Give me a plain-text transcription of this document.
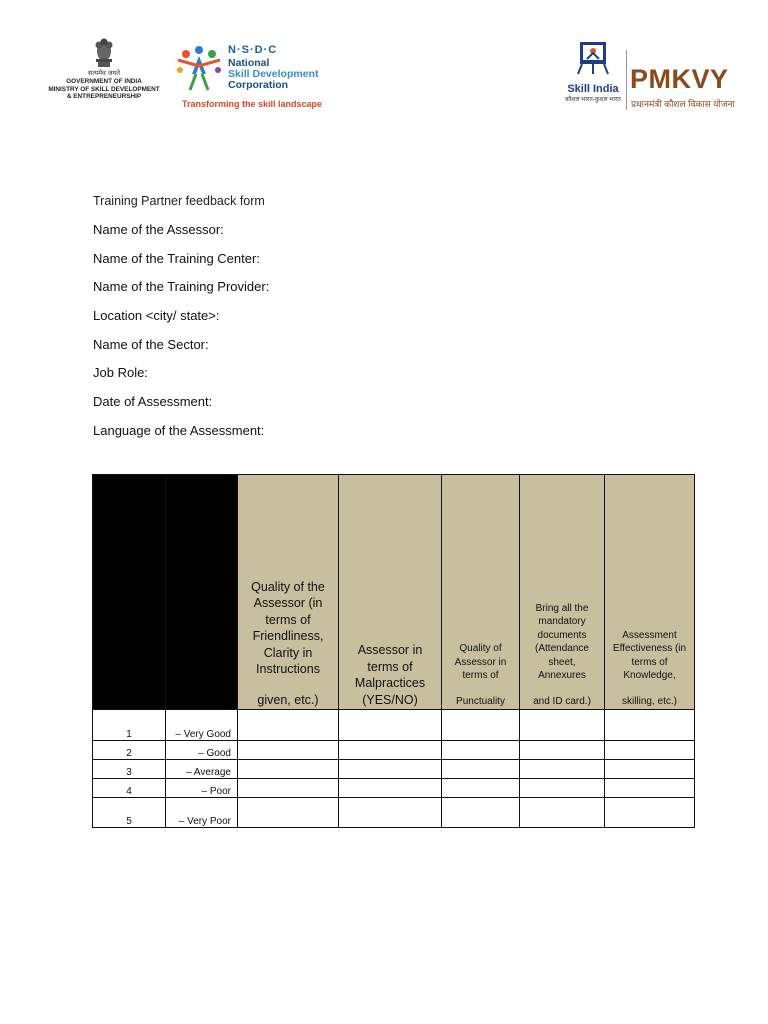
सत्यमेव जयते
GOVERNMENT OF INDIA
MINISTRY OF SKILL DEVELOPMENT
& ENTREPRENEURSHIP
N·S·D·C
National
Skill Development
Corporation
Transforming the skill landscape
Skill India
कौशल भारत-कुशल भारत
PMKVY
प्रधानमंत्री कौशल विकास योजना
Training Partner feedback form
Name of the Assessor:
Name of the Training Center:
Name of the Training Provider:
Location <city/ state>:
Name of the Sector:
Job Role:
Date of Assessment:
Language of the Assessment:

		Quality of the Assessor (in terms of Friendliness, Clarity in Instructions
given, etc.)	Assessor in terms of Malpractices
(YES/NO)	Quality of Assessor in terms of
Punctuality	Bring all the mandatory documents (Attendance sheet, Annexures
and ID card.)	Assessment Effectiveness (in terms of Knowledge,
skilling, etc.)

1	– Very Good					
2	– Good					
3	– Average					
4	– Poor					
5	– Very Poor					
